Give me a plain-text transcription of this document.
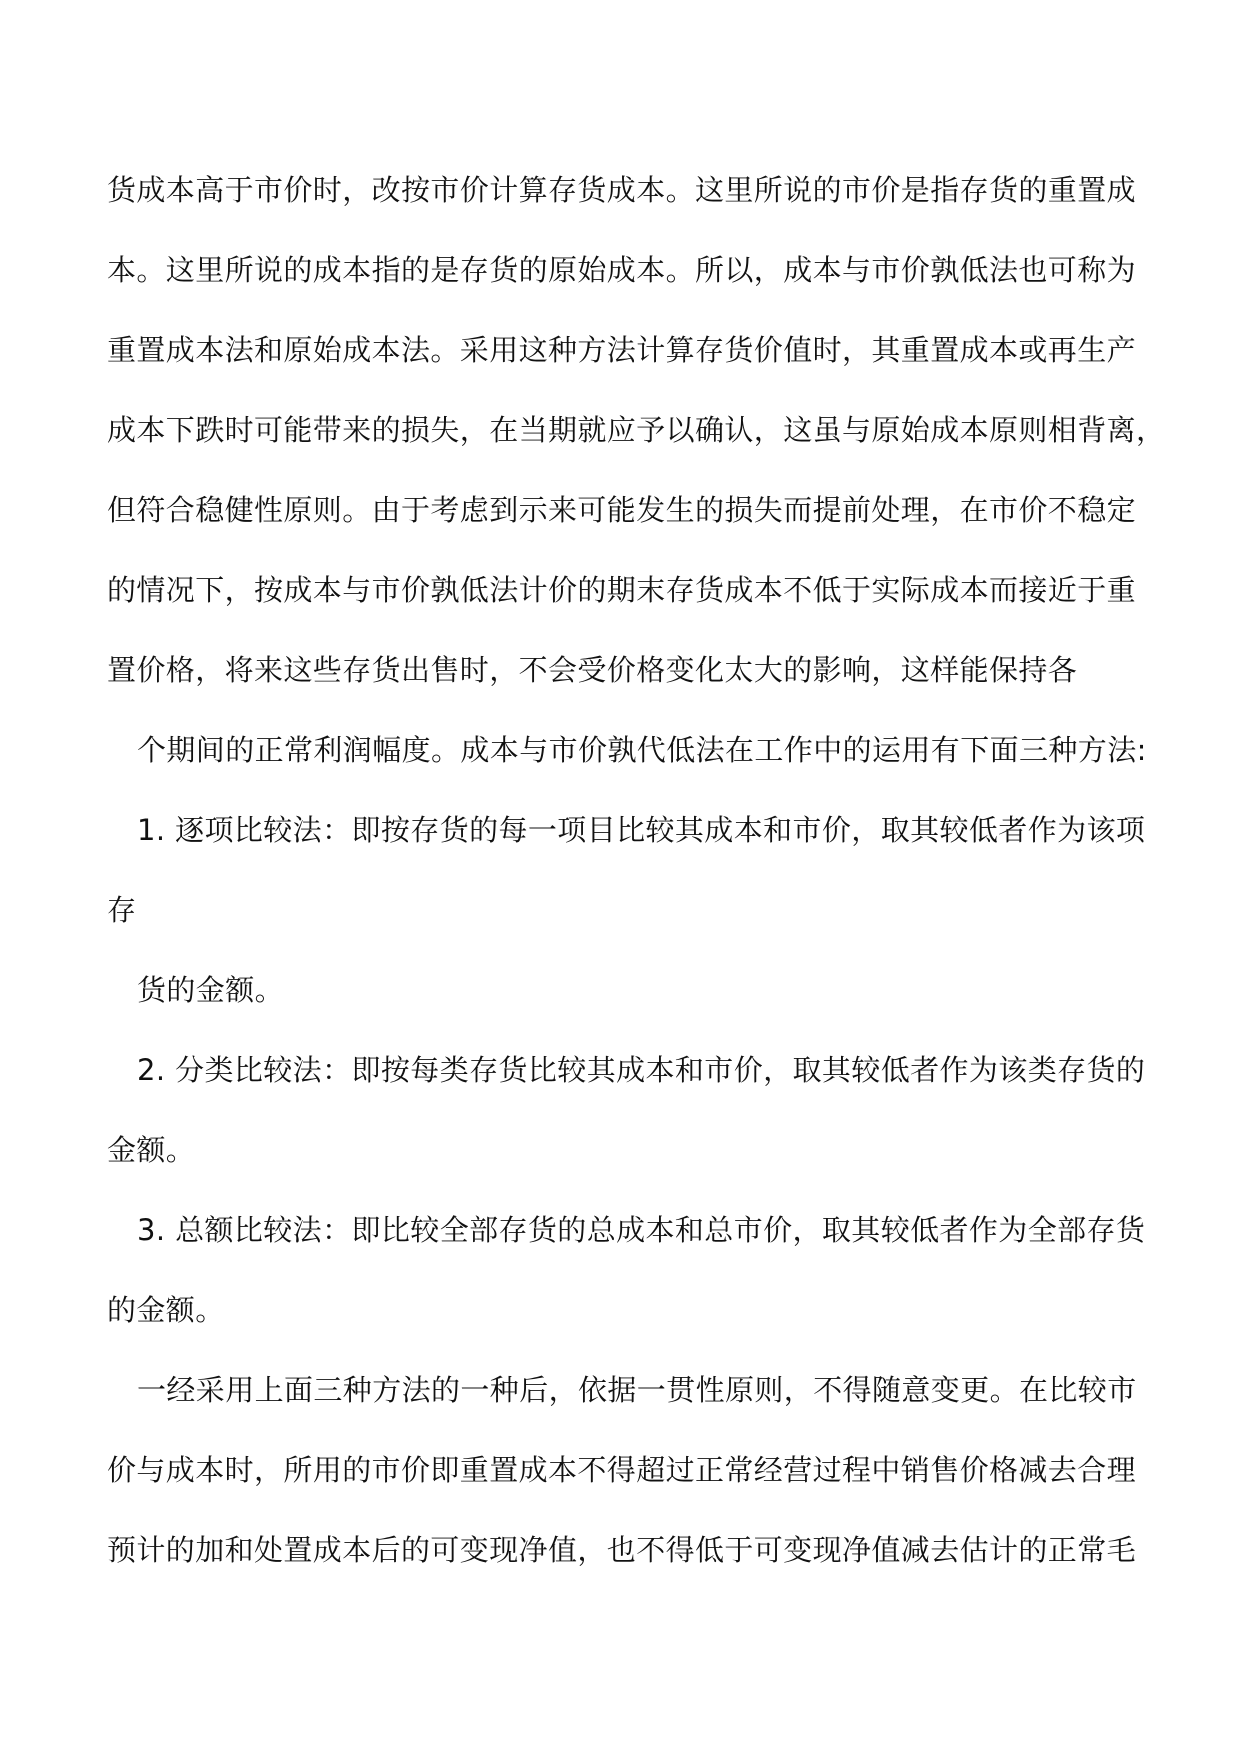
货成本高于市价时，改按市价计算存货成本。这里所说的市价是指存货的重置成
本。这里所说的成本指的是存货的原始成本。所以，成本与市价孰低法也可称为
重置成本法和原始成本法。采用这种方法计算存货价值时，其重置成本或再生产
成本下跌时可能带来的损失，在当期就应予以确认，这虽与原始成本原则相背离，
但符合稳健性原则。由于考虑到示来可能发生的损失而提前处理，在市价不稳定
的情况下，按成本与市价孰低法计价的期末存货成本不低于实际成本而接近于重
置价格，将来这些存货出售时，不会受价格变化太大的影响，这样能保持各
个期间的正常利润幅度。成本与市价孰代低法在工作中的运用有下面三种方法:
1. 逐项比较法：即按存货的每一项目比较其成本和市价，取其较低者作为该项
存
货的金额。
2. 分类比较法：即按每类存货比较其成本和市价，取其较低者作为该类存货的
金额。
3. 总额比较法：即比较全部存货的总成本和总市价，取其较低者作为全部存货
的金额。
一经采用上面三种方法的一种后，依据一贯性原则，不得随意变更。在比较市
价与成本时，所用的市价即重置成本不得超过正常经营过程中销售价格减去合理
预计的加和处置成本后的可变现净值，也不得低于可变现净值减去估计的正常毛
